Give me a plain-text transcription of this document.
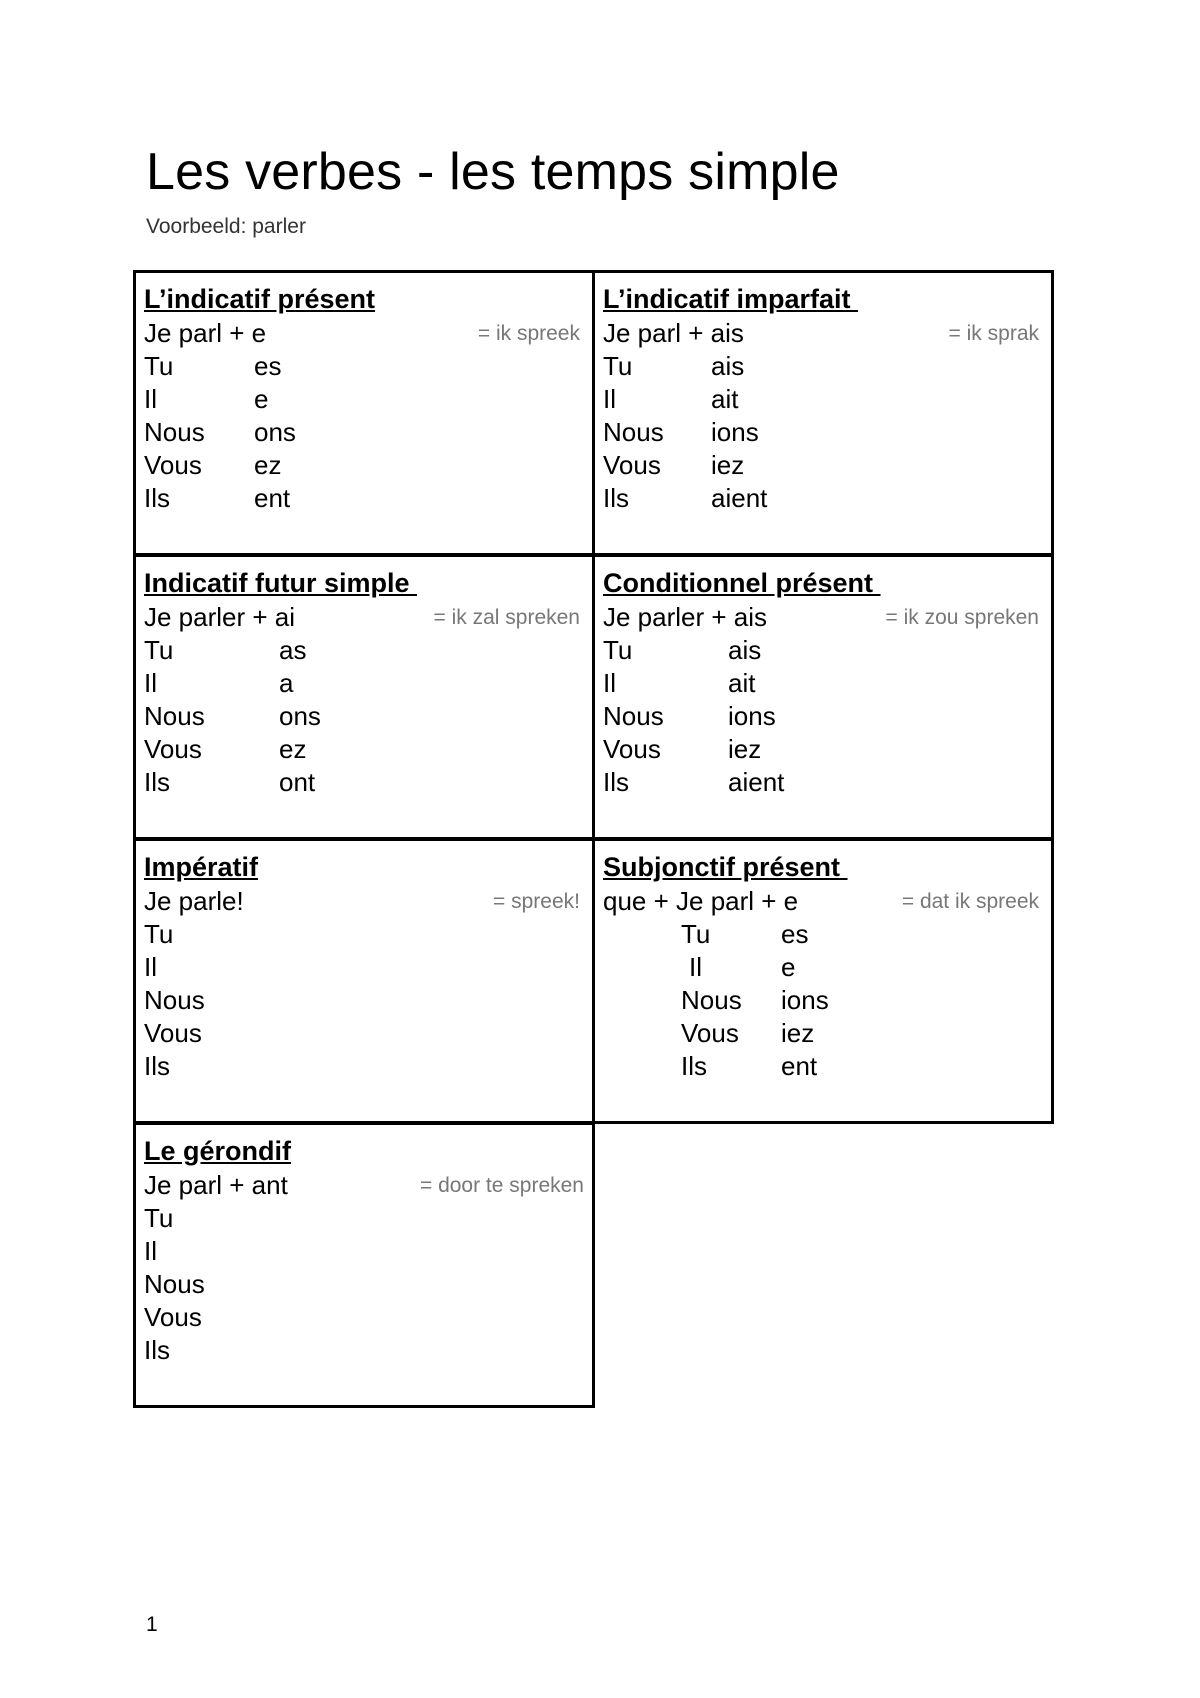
Les verbes - les temps simple
Voorbeeld: parler
L’indicatif présent
= ik spreek
Je parl + e
Tu	es
Il	e
Nous ons
Vous ez
Ils	ent
L’indicatif imparfait
= ik sprak
Je parl + ais
Tu	ais
Il	ait
Nous ions
Vous iez
Ils	aient
Indicatif futur simple
= ik zal spreken
Je parler + ai
Tu	as
Il	a
Nous	ons
Vous	ez
Ils	ont
Conditionnel présent
= ik zou spreken
Je parler + ais
Tu	ais
Il	ait
Nous ions
Vous	iez
Ils	aient
Impératif
= spreek!
Je parle!
Tu
Il
Nous
Vous
Ils
Subjonctif présent
= dat ik spreek
que + Je parl + e
Tu	es
Il	e
Nous ions
Vous iez
Ils	ent
Le gérondif
= door te spreken
Je parl + ant
Tu
Il
Nous
Vous
Ils
1
